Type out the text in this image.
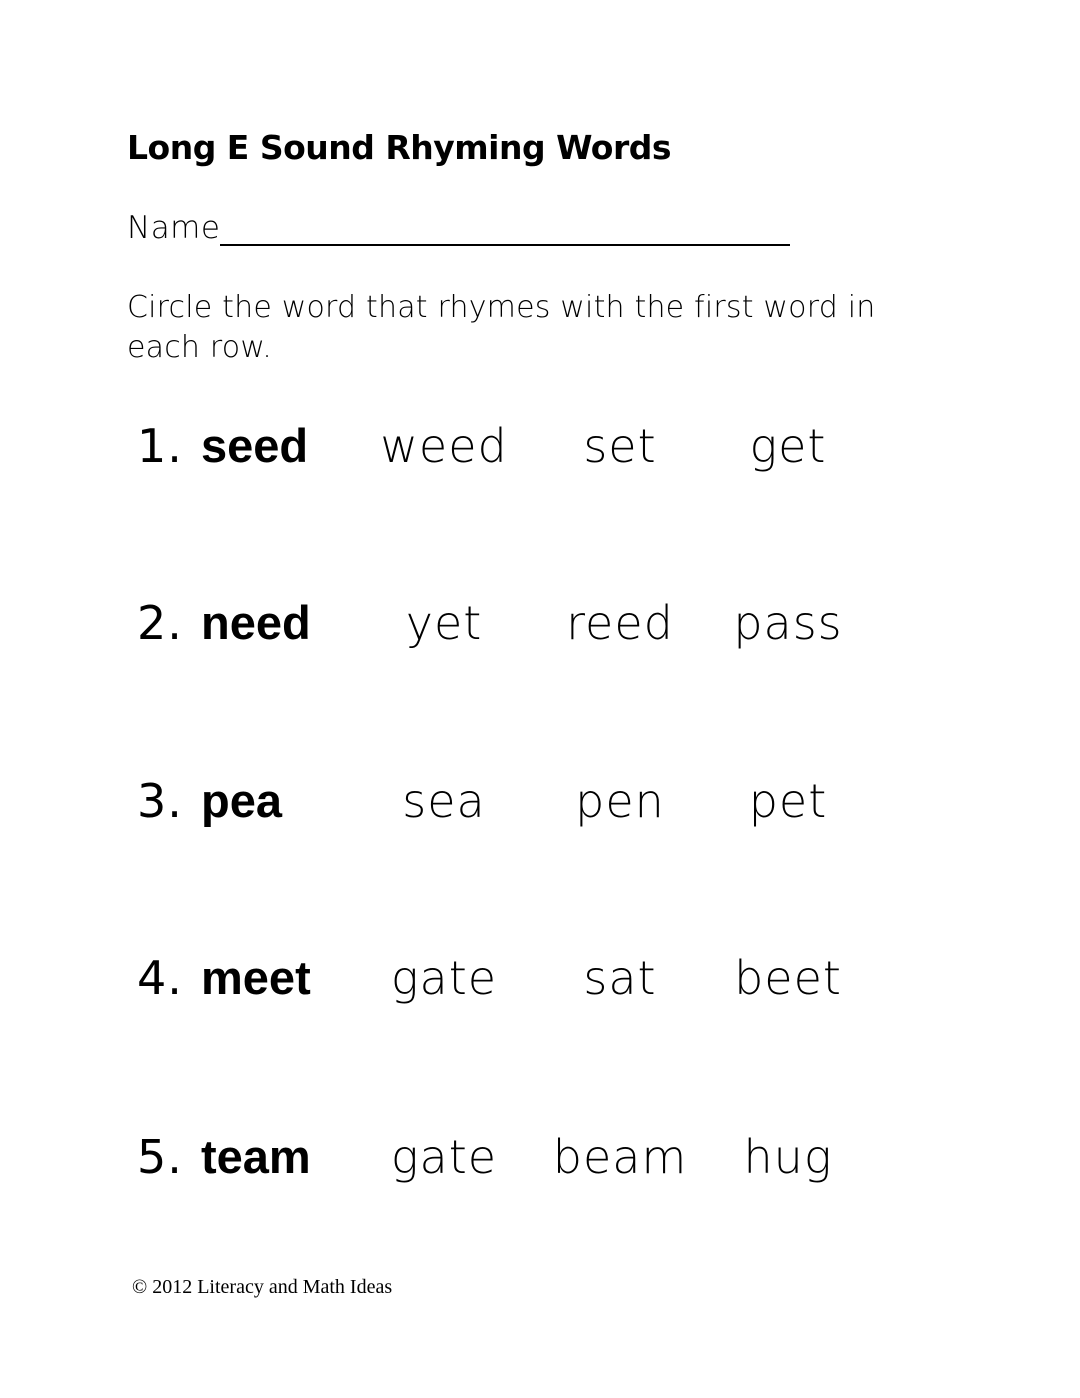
Long E Sound Rhyming Words
Name
Circle the word that rhymes with the first word in each row.
1. seed	weed	set	get
2. need	yet	reed	pass
3. pea	sea	pen	pet
4. meet	gate	sat	beet
5. team	gate	beam	hug
© 2012 Literacy and Math Ideas
